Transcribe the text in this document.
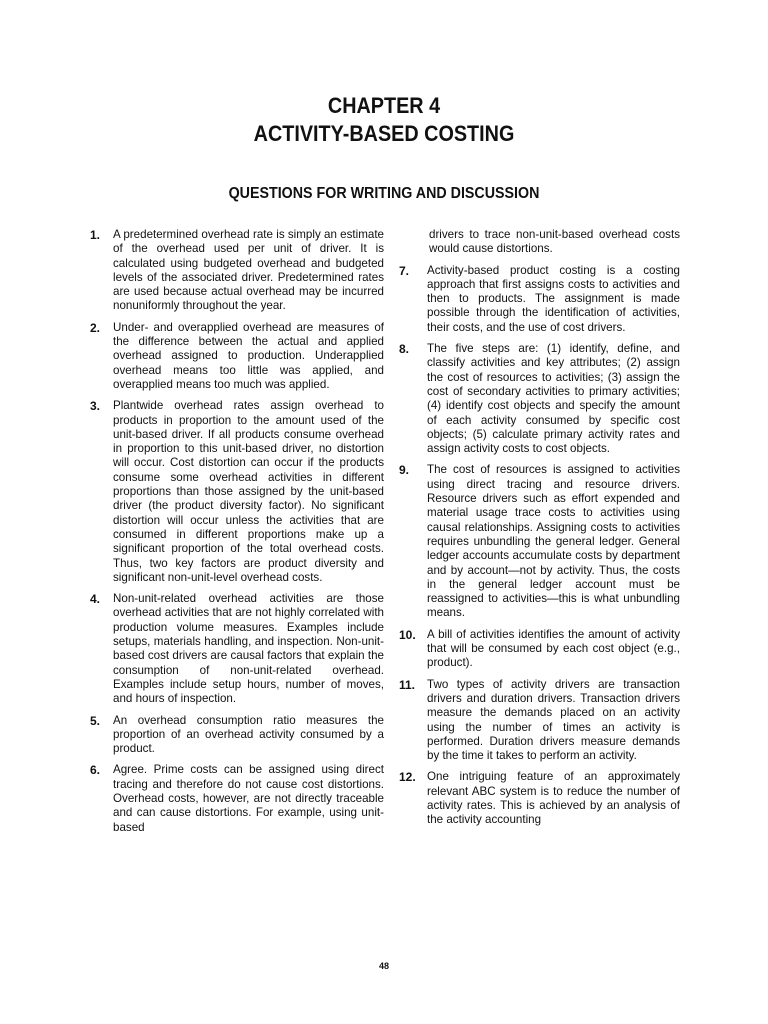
CHAPTER 4
ACTIVITY-BASED COSTING
QUESTIONS FOR WRITING AND DISCUSSION
1. A predetermined overhead rate is simply an estimate of the overhead used per unit of driver. It is calculated using budgeted overhead and budgeted levels of the associated driver. Predetermined rates are used because actual overhead may be incurred nonuniformly throughout the year.

2. Under- and overapplied overhead are measures of the difference between the actual and applied overhead assigned to production. Underapplied overhead means too little was applied, and overapplied means too much was applied.

3. Plantwide overhead rates assign overhead to products in proportion to the amount used of the unit-based driver. If all products consume overhead in proportion to this unit-based driver, no distortion will occur. Cost distortion can occur if the products consume some overhead activities in different proportions than those assigned by the unit-based driver (the product diversity factor). No significant distortion will occur unless the activities that are consumed in different proportions make up a significant proportion of the total overhead costs. Thus, two key factors are product diversity and significant non-unit-level overhead costs.

4. Non-unit-related overhead activities are those overhead activities that are not highly correlated with production volume measures. Examples include setups, materials handling, and inspection. Non-unit-based cost drivers are causal factors that explain the consumption of non-unit-related overhead. Examples include setup hours, number of moves, and hours of inspection.

5. An overhead consumption ratio measures the proportion of an overhead activity consumed by a product.

6. Agree. Prime costs can be assigned using direct tracing and therefore do not cause cost distortions. Overhead costs, however, are not directly traceable and can cause distortions. For example, using unit-based

drivers to trace non-unit-based overhead costs would cause distortions.

7. Activity-based product costing is a costing approach that first assigns costs to activities and then to products. The assignment is made possible through the identification of activities, their costs, and the use of cost drivers.

8. The five steps are: (1) identify, define, and classify activities and key attributes; (2) assign the cost of resources to activities; (3) assign the cost of secondary activities to primary activities; (4) identify cost objects and specify the amount of each activity consumed by specific cost objects; (5) calculate primary activity rates and assign activity costs to cost objects.

9. The cost of resources is assigned to activities using direct tracing and resource drivers. Resource drivers such as effort expended and material usage trace costs to activities using causal relationships. Assigning costs to activities requires unbundling the general ledger. General ledger accounts accumulate costs by department and by account—not by activity. Thus, the costs in the general ledger account must be reassigned to activities—this is what unbundling means.

10. A bill of activities identifies the amount of activity that will be consumed by each cost object (e.g., product).

11. Two types of activity drivers are transaction drivers and duration drivers. Transaction drivers measure the demands placed on an activity using the number of times an activity is performed. Duration drivers measure demands by the time it takes to perform an activity.

12. One intriguing feature of an approximately relevant ABC system is to reduce the number of activity rates. This is achieved by an analysis of the activity accounting

48
